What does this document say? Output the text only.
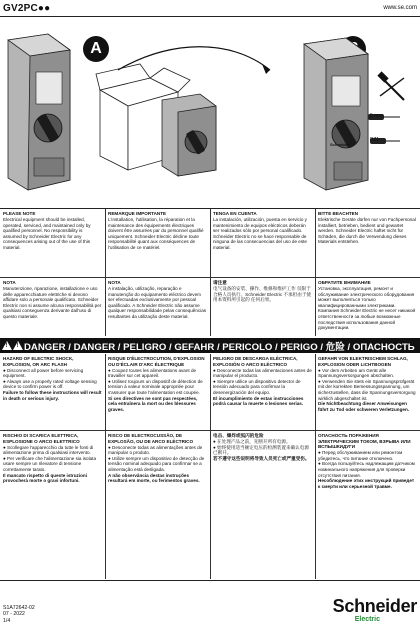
GV2PC●●	www.se.com
A
5 mm
PZ1
Schneider
PLEASE NOTE

Electrical equipment should be installed, operated, serviced, and maintained only by qualified personnel. No responsibility is assumed by Schneider Electric for any consequences arising out of the use of this material.

REMARQUE IMPORTANTE

L'installation, l'utilisation, la réparation et la maintenance des équipements électriques doivent être assurées par du personnel qualifié uniquement. Schneider Electric décline toute responsabilité quant aux conséquences de l'utilisation de ce matériel.

TENGA EN CUENTA

La instalación, utilización, puesta en servicio y mantenimiento de equipos eléctricos deberán ser realizados sólo por personal cualificado. Schneider Electric no se hace responsable de ninguna de las consecuencias del uso de este material.

BITTE BEACHTEN

Elektrische Geräte dürfen nur von Fachpersonal installiert, betrieben, bedient und gewartet werden. Schneider Electric haftet nicht für Schäden, die durch die Verwendung dieses Materials entstehen.

NOTA

Manutenzione, riparazione, installazione e uso delle apparecchiature elettriche si devono affidare solo a personale qualificato. Schneider Electric non si assume alcuna responsabilità per qualsiasi conseguenza derivante dall'uso di questo materiale.

NOTA

A instalação, utilização, reparação e manutenção do equipamento eléctrico devem ser efectuadas exclusivamente por pessoal qualificado. A Schneider Electric não assume qualquer responsabilidade pelas consequências resultantes da utilização deste material.

请注意

电气设备的安装、操作、维修和维护工作 仅限于合格人员执行。Schneider Electric 不承担由于使用本资料所引起的 任何后果。

ОБРАТИТЕ ВНИМАНИЕ

Установка, эксплуатация, ремонт и обслуживание электрического оборудования может выполняться только квалифицированными электриками. Компания Schneider Electric не несет никакой ответственности за любые возможные последствия использования данной документации.

!
!
DANGER / DANGER / PELIGRO / GEFAHR / PERICOLO / PERIGO / 危险 / ОПАСНОСТЬ
HAZARD OF ELECTRIC SHOCK, EXPLOSION, OR ARC FLASH

● Disconnect all power before servicing equipment.

● Always use a properly rated voltage sensing device to confirm power is off.

Failure to follow these instructions will result in death or serious injury.

RISQUE D'ÉLECTROCUTION, D'EXPLOSION OU D'ÉCLAIR D'ARC ÉLECTRIQUE

● Coupez toutes les alimentations avant de travailler sur cet appareil.

● Utilisez toujours un dispositif de détection de tension à valeur nominale appropriée pour s'assurer que toute l'alimentation est coupée.

Si ces directives ne sont pas respectées, cela entraînera la mort ou des blessures graves.

PELIGRO DE DESCARGA ELÉCTRICA, EXPLOSIÓN O ARCO ELÉCTRICO

● Desconecte todas las alimentaciones antes de manipular el producto.

● Siempre utilice un dispositivo detector de tensión adecuado para confirmar la desenergización del equipo.

El incumplimiento de estas instrucciones podrá causar la muerte o lesiones serias.

GEFAHR VON ELEKTRISCHEM SCHLAG, EXPLOSION ODER LICHTBOGEN

● Vor dem Arbeiten am Gerät alle Spannungsversorgungen abschalten.

● Verwenden Sie stets ein Spannungsprüfgerät mit der korrekten Bemessungsspannung, um sicherzustellen, dass die Spannungsversorgung wirklich abgeschaltet ist.

Die Nichtbeachtung dieser Anweisungen führt zu Tod oder schweren Verletzungen.

RISCHIO DI SCARICA ELETTRICA, ESPLOSIONE O ARCO ELETTRICO

● Scollegare l'apparecchio da tutte le fonti di alimentazione prima di qualsiasi intervento.

● Per verificare che l'alimentazione sia isolata usare sempre un rilevatore di tensione correttamente tarato.

Il mancato rispetto di queste istruzioni provocherà morte o gravi infortuni.

RISCO DE ELECTROCUSSÃO, DE EXPLOSÃO, OU DE ARCO ELÉCTRICO

● Desconecte todas as alimentações antes de manipular o produto.

● Utilize sempre um dispositivo de detecção de tensão nominal adequado para confirmar se a alimentação está desligada.

A não observância destas instruções resultará em morte, ou ferimentos graves.

电击、爆炸或弧闪的危险

● 在处理产品之前，先断开所有电源。

● 始终使用适当额定电压的检测装置来确认电源已断开。

若不遵守这些说明将导致人员死亡或严重受伤。

ОПАСНОСТЬ ПОРАЖЕНИЯ ЭЛЕКТРИЧЕСКИМ ТОКОМ, ВЗРЫВА ИЛИ ВСПЫШКИДУГИ

● Перед обслуживанием или ремонтом убедитесь, что питание отключено.

● Всегда пользуйтесь надлежащим датчиком номинального напряжения для проверки отсутствия питания.

Несоблюдение этих инструкций приведет к смерти или серьезной травме.

S1A72642-02
07 - 2022
1/4
Schneider
Electric
